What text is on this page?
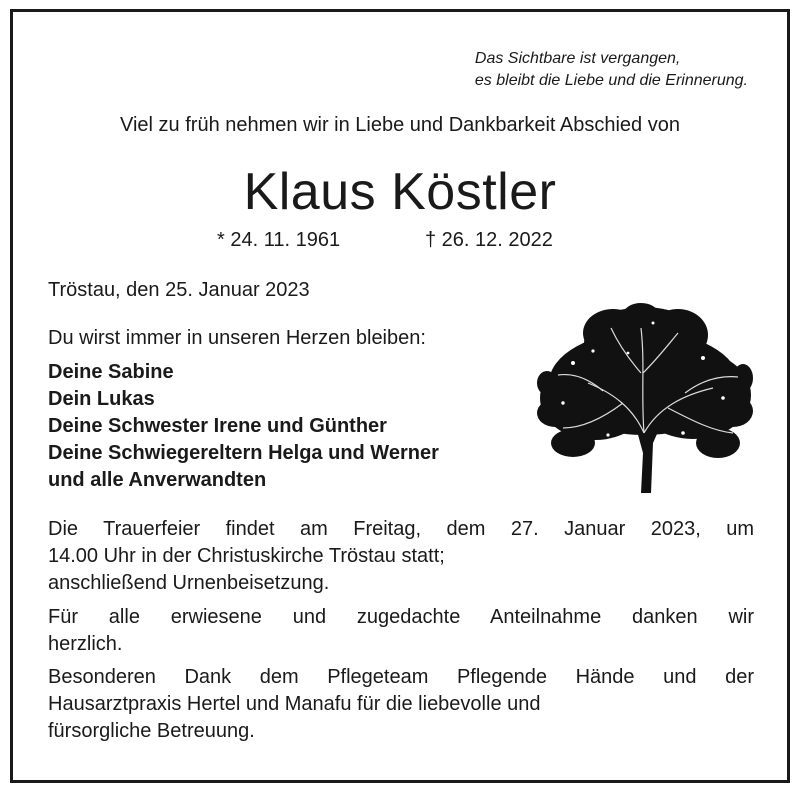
Das Sichtbare ist vergangen,
es bleibt die Liebe und die Erinnerung.
Viel zu früh nehmen wir in Liebe und Dankbarkeit Abschied von
Klaus Köstler
* 24. 11. 1961	† 26. 12. 2022
Tröstau, den 25. Januar 2023
Du wirst immer in unseren Herzen bleiben:
Deine Sabine
Dein Lukas
Deine Schwester Irene und Günther
Deine Schwiegereltern Helga und Werner
und alle Anverwandten
Die Trauerfeier findet am Freitag, dem 27. Januar 2023, um
14.00 Uhr in der Christuskirche Tröstau statt;
anschließend Urnenbeisetzung.
Für alle erwiesene und zugedachte Anteilnahme danken wir
herzlich.
Besonderen Dank dem Pflegeteam Pflegende Hände und der
Hausarztpraxis Hertel und Manafu für die liebevolle und
fürsorgliche Betreuung.
